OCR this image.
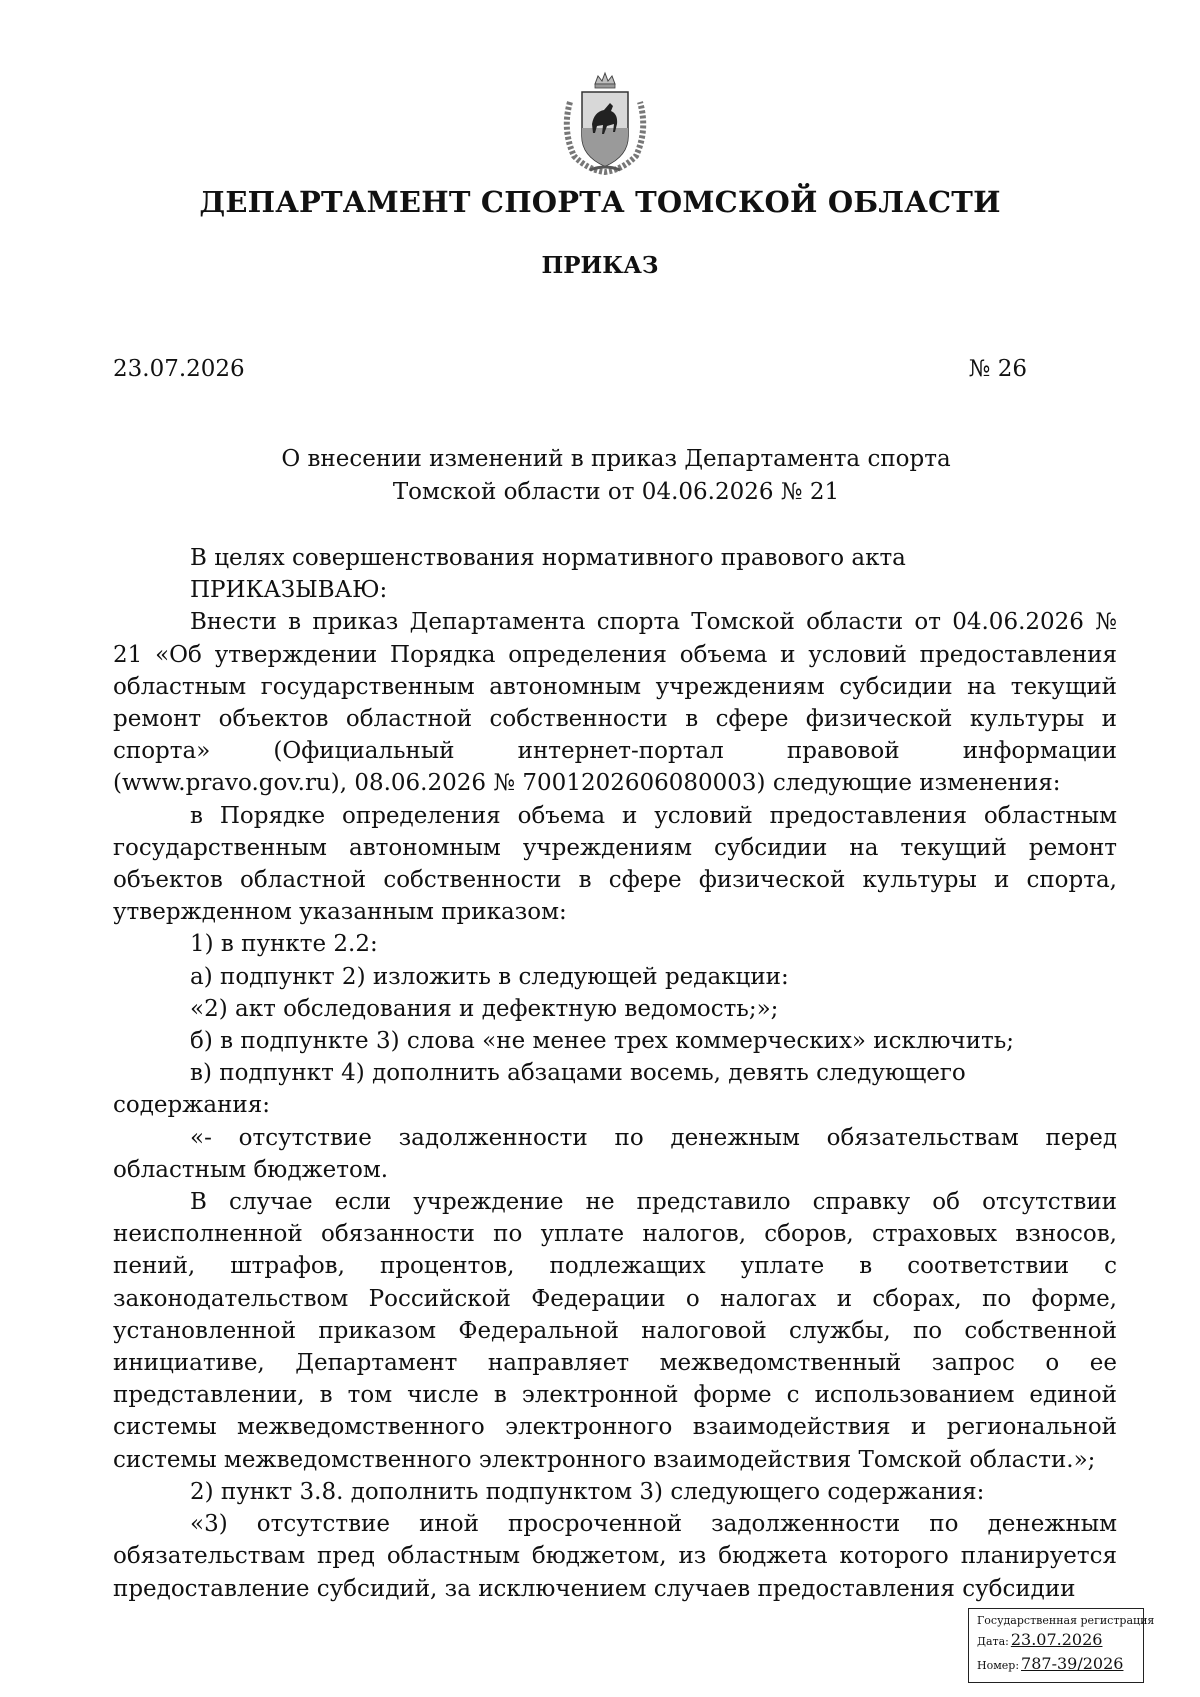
ДЕПАРТАМЕНТ СПОРТА ТОМСКОЙ ОБЛАСТИ
ПРИКАЗ
23.07.2026	№ 26
О внесении изменений в приказ Департамента спорта
Томской области от 04.06.2026 № 21

В целях совершенствования нормативного правового акта

ПРИКАЗЫВАЮ:

Внести в приказ Департамента спорта Томской области от 04.06.2026 № 21 «Об утверждении Порядка определения объема и условий предоставления областным государственным автономным учреждениям субсидии на текущий ремонт объектов областной собственности в сфере физической культуры и спорта» (Официальный интернет-портал правовой информации (www.pravo.gov.ru), 08.06.2026 № 7001202606080003) следующие изменения:

в Порядке определения объема и условий предоставления областным государственным автономным учреждениям субсидии на текущий ремонт объектов областной собственности в сфере физической культуры и спорта, утвержденном указанным приказом:

1) в пункте 2.2:

а) подпункт 2) изложить в следующей редакции:

«2) акт обследования и дефектную ведомость;»;

б) в подпункте 3) слова «не менее трех коммерческих» исключить;

в) подпункт 4) дополнить абзацами восемь, девять следующего содержания:

«- отсутствие задолженности по денежным обязательствам перед областным бюджетом.

В случае если учреждение не представило справку об отсутствии неисполненной обязанности по уплате налогов, сборов, страховых взносов, пений, штрафов, процентов, подлежащих уплате в соответствии с законодательством Российской Федерации о налогах и сборах, по форме, установленной приказом Федеральной налоговой службы, по собственной инициативе, Департамент направляет межведомственный запрос о ее представлении, в том числе в электронной форме с использованием единой системы межведомственного электронного взаимодействия и региональной системы межведомственного электронного взаимодействия Томской области.»;

2) пункт 3.8. дополнить подпунктом 3) следующего содержания:

«3) отсутствие иной просроченной задолженности по денежным обязательствам пред областным бюджетом, из бюджета которого планируется предоставление субсидий, за исключением случаев предоставления субсидии

Государственная регистрация
Дата: 23.07.2026
Номер: 787-39/2026
